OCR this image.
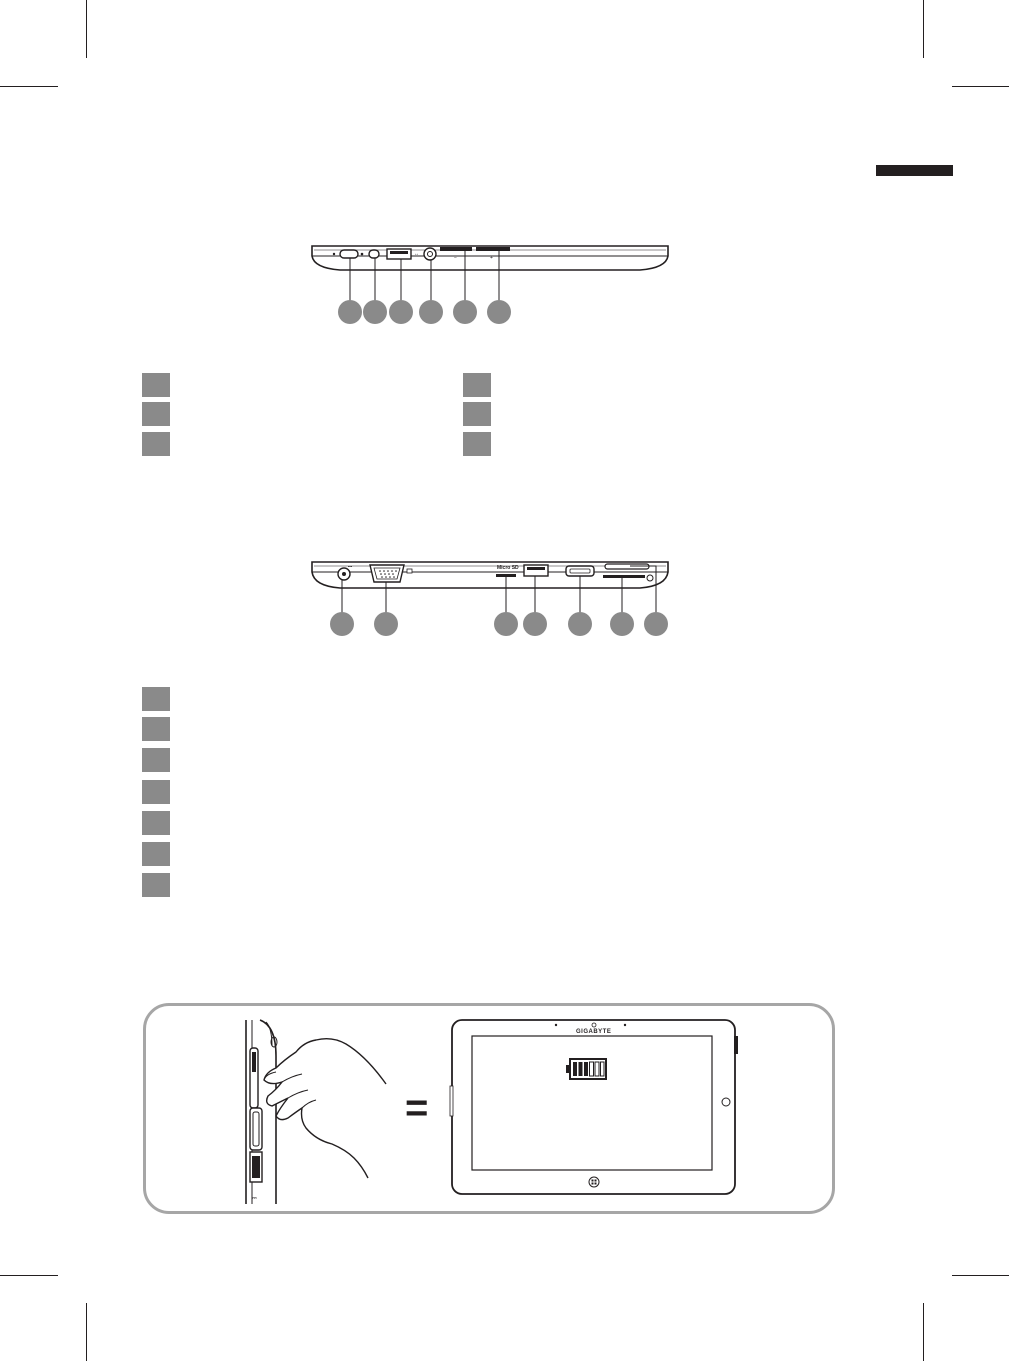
↔
−	+
⎓	Micro SD
⎓
=
GIGABYTE
